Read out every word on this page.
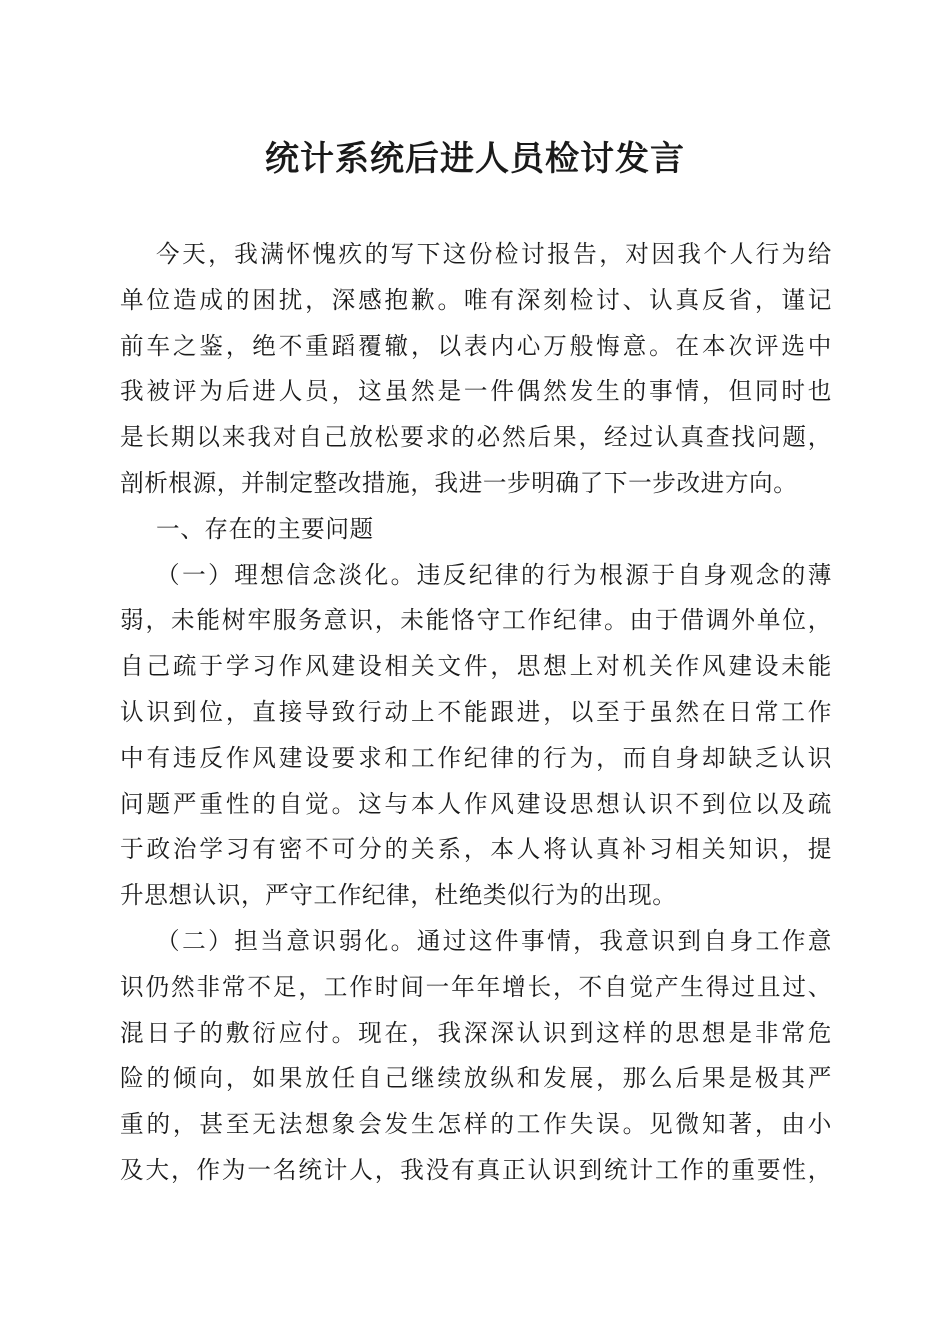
统计系统后进人员检讨发言
今天，我满怀愧疚的写下这份检讨报告，对因我个人行为给
单位造成的困扰，深感抱歉。唯有深刻检讨、认真反省，谨记
前车之鉴，绝不重蹈覆辙，以表内心万般悔意。在本次评选中
我被评为后进人员，这虽然是一件偶然发生的事情，但同时也
是长期以来我对自己放松要求的必然后果，经过认真查找问题，
剖析根源，并制定整改措施，我进一步明确了下一步改进方向。
一、存在的主要问题
（一）理想信念淡化。违反纪律的行为根源于自身观念的薄
弱，未能树牢服务意识，未能恪守工作纪律。由于借调外单位，
自己疏于学习作风建设相关文件，思想上对机关作风建设未能
认识到位，直接导致行动上不能跟进，以至于虽然在日常工作
中有违反作风建设要求和工作纪律的行为，而自身却缺乏认识
问题严重性的自觉。这与本人作风建设思想认识不到位以及疏
于政治学习有密不可分的关系，本人将认真补习相关知识，提
升思想认识，严守工作纪律，杜绝类似行为的出现。
（二）担当意识弱化。通过这件事情，我意识到自身工作意
识仍然非常不足，工作时间一年年增长，不自觉产生得过且过、
混日子的敷衍应付。现在，我深深认识到这样的思想是非常危
险的倾向，如果放任自己继续放纵和发展，那么后果是极其严
重的，甚至无法想象会发生怎样的工作失误。见微知著，由小
及大，作为一名统计人，我没有真正认识到统计工作的重要性，
